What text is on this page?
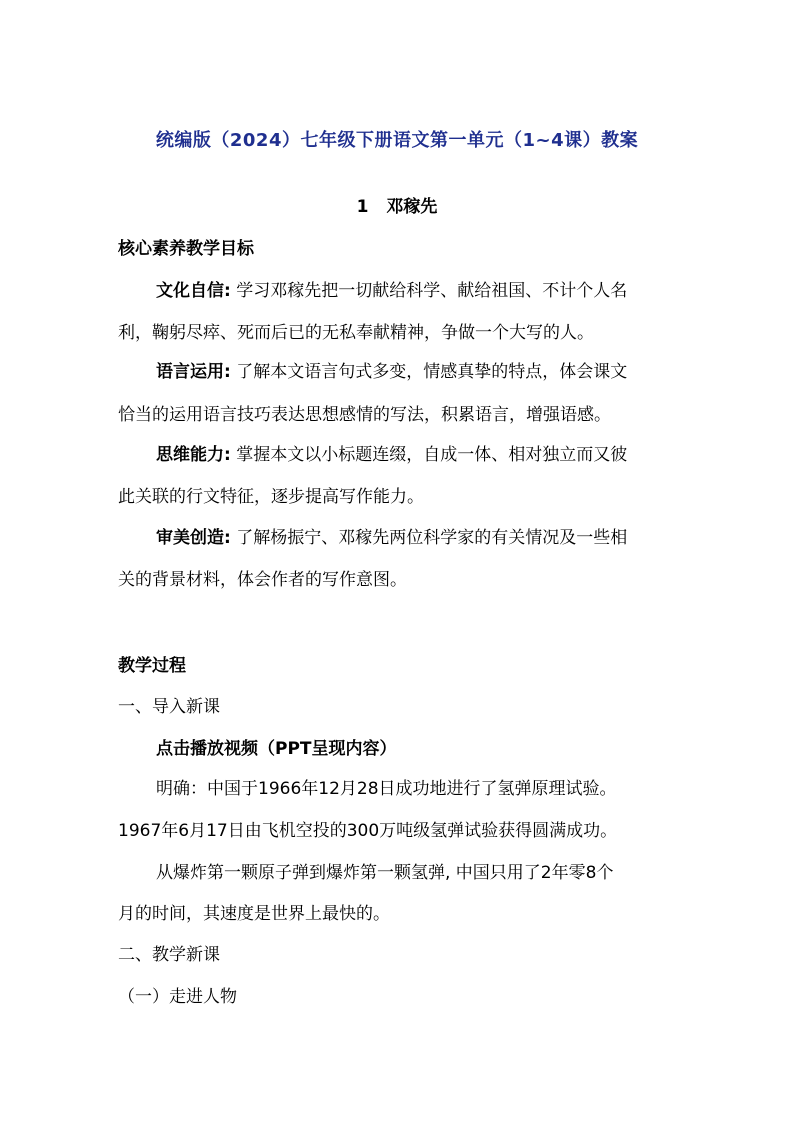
统编版（2024）七年级下册语文第一单元（1~4课）教案
1 邓稼先
核心素养教学目标
文化自信: 学习邓稼先把一切献给科学、献给祖国、不计个人名
利，鞠躬尽瘁、死而后已的无私奉献精神，争做一个大写的人。
语言运用: 了解本文语言句式多变，情感真挚的特点，体会课文
恰当的运用语言技巧表达思想感情的写法，积累语言，增强语感。
思维能力: 掌握本文以小标题连缀，自成一体、相对独立而又彼
此关联的行文特征，逐步提高写作能力。
审美创造: 了解杨振宁、邓稼先两位科学家的有关情况及一些相
关的背景材料，体会作者的写作意图。
教学过程
一、导入新课
点击播放视频（PPT呈现内容）
明确：中国于1966年12月28日成功地进行了氢弹原理试验。
1967年6月17日由飞机空投的300万吨级氢弹试验获得圆满成功。
从爆炸第一颗原子弹到爆炸第一颗氢弹, 中国只用了2年零8个
月的时间，其速度是世界上最快的。
二、教学新课
（一）走进人物
